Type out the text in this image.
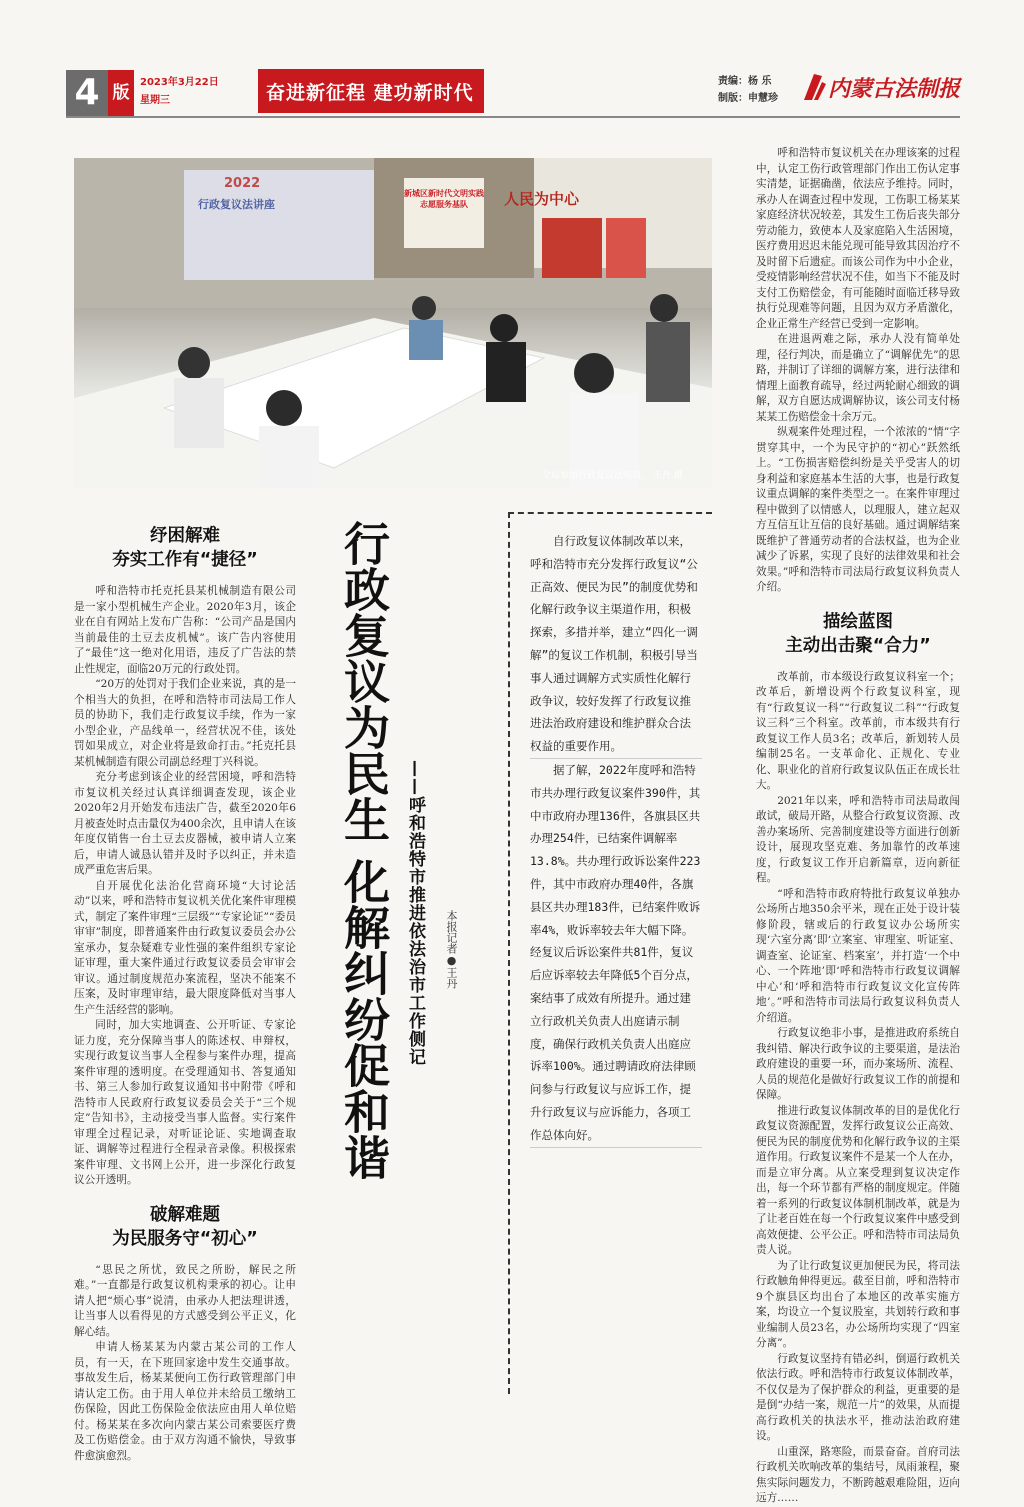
4 版
2023年3月22日
星期三	奋进新征程 建功新时代
责编：杨 乐
制版：申慧珍 内蒙古法制报
2022
行政复议法讲座
新城区新时代文明实践
志愿服务基队	人民为中心
全局参加行政复议法培训。 王丹 摄
纾困解难
夯实工作有“捷径”

呼和浩特市托克托县某机械制造有限公司是一家小型机械生产企业。2020年3月，该企业在自有网站上发布广告称：“公司产品是国内当前最佳的土豆去皮机械”。该广告内容使用了“最佳”这一绝对化用语，违反了广告法的禁止性规定，面临20万元的行政处罚。

“20万的处罚对于我们企业来说，真的是一个相当大的负担，在呼和浩特市司法局工作人员的协助下，我们走行政复议手续，作为一家小型企业，产品线单一，经营状况不佳，该处罚如果成立，对企业将是致命打击。”托克托县某机械制造有限公司副总经理丁兴科说。

充分考虑到该企业的经营困境，呼和浩特市复议机关经过认真详细调查发现，该企业2020年2月开始发布违法广告，截至2020年6月被查处时点击量仅为400余次，且申请人在该年度仅销售一台土豆去皮器械，被申请人立案后，申请人诚恳认错并及时予以纠正，并未造成严重危害后果。

自开展优化法治化营商环境“大讨论活动”以来，呼和浩特市复议机关优化案件审理模式，制定了案件审理“三层级”“专家论证”“委员审审”制度，即普通案件由行政复议委员会办公室承办，复杂疑难专业性强的案件组织专家论证审理，重大案件通过行政复议委员会审审会审议。通过制度规范办案流程，坚决不能案不压案，及时审理审结，最大限度降低对当事人生产生活经营的影响。

同时，加大实地调查、公开听证、专家论证力度，充分保障当事人的陈述权、申辩权，实现行政复议当事人全程参与案件办理，提高案件审理的透明度。在受理通知书、答复通知书、第三人参加行政复议通知书中附带《呼和浩特市人民政府行政复议委员会关于“三个规定”告知书》，主动接受当事人监督。实行案件审理全过程记录，对听证论证、实地调查取证、调解等过程进行全程录音录像。积极探索案件审理、文书网上公开，进一步深化行政复议公开透明。

破解难题
为民服务守“初心”

“思民之所忧，致民之所盼，解民之所难。”一直都是行政复议机构秉承的初心。让申请人把“烦心事”说清，由承办人把法理讲透，让当事人以看得见的方式感受到公平正义，化解心结。

申请人杨某某为内蒙古某公司的工作人员，有一天，在下班回家途中发生交通事故。事故发生后，杨某某便向工伤行政管理部门申请认定工伤。由于用人单位并未给员工缴纳工伤保险，因此工伤保险金依法应由用人单位赔付。杨某某在多次向内蒙古某公司索要医疗费及工伤赔偿金。由于双方沟通不愉快，导致事件愈演愈烈。

行政复议为民生 化解纠纷促和谐 ——呼和浩特市推进依法治市工作侧记 本报记者●王丹

自行政复议体制改革以来，呼和浩特市充分发挥行政复议“公正高效、便民为民”的制度优势和化解行政争议主渠道作用，积极探索，多措并举，建立“四化一调解”的复议工作机制，积极引导当事人通过调解方式实质性化解行政争议，较好发挥了行政复议推进法治政府建设和维护群众合法权益的重要作用。

据了解，2022年度呼和浩特市共办理行政复议案件390件，其中市政府办理136件，各旗县区共办理254件，已结案件调解率13.8%。共办理行政诉讼案件223件，其中市政府办理40件，各旗县区共办理183件，已结案件败诉率4%，败诉率较去年大幅下降。经复议后诉讼案件共81件，复议后应诉率较去年降低5个百分点，案结事了成效有所提升。通过建立行政机关负责人出庭请示制度，确保行政机关负责人出庭应诉率100%。通过聘请政府法律顾问参与行政复议与应诉工作，提升行政复议与应诉能力，各项工作总体向好。

呼和浩特市复议机关在办理该案的过程中，认定工伤行政管理部门作出工伤认定事实清楚，证据确凿，依法应予维持。同时，承办人在调查过程中发现，工伤职工杨某某家庭经济状况较差，其发生工伤后丧失部分劳动能力，致使本人及家庭陷入生活困境，医疗费用迟迟未能兑现可能导致其因治疗不及时留下后遗症。而该公司作为中小企业，受疫情影响经营状况不佳，如当下不能及时支付工伤赔偿金，有可能随时面临迁移导致执行兑现难等问题，且因为双方矛盾激化，企业正常生产经营已受到一定影响。

在进退两难之际，承办人没有简单处理，径行判决，而是确立了“调解优先”的思路，并制订了详细的调解方案，进行法律和情理上面教育疏导，经过两轮耐心细致的调解，双方自愿达成调解协议，该公司支付杨某某工伤赔偿金十余万元。

纵观案件处理过程，一个浓浓的“情”字贯穿其中，一个为民守护的“初心”跃然纸上。“工伤损害赔偿纠纷是关乎受害人的切身利益和家庭基本生活的大事，也是行政复议重点调解的案件类型之一。在案件审理过程中做到了以情感人，以理服人，建立起双方互信互让互信的良好基础。通过调解结案既维护了普通劳动者的合法权益，也为企业减少了诉累，实现了良好的法律效果和社会效果。”呼和浩特市司法局行政复议科负责人介绍。

描绘蓝图
主动出击聚“合力”

改革前，市本级设行政复议科室一个；改革后，新增设两个行政复议科室，现有“行政复议一科”“行政复议二科”“行政复议三科”三个科室。改革前，市本级共有行政复议工作人员3名；改革后，新划转人员编制25名。一支革命化、正规化、专业化、职业化的首府行政复议队伍正在成长壮大。

2021年以来，呼和浩特市司法局敢闯敢试，破局开路，从整合行政复议资源、改善办案场所、完善制度建设等方面进行创新设计，展现攻坚克难、务加靠竹的改革速度，行政复议工作开启新篇章，迈向新征程。

“呼和浩特市政府特批行政复议单独办公场所占地350余平米，现在正处于设计装修阶段，辖或后的行政复议办公场所实现‘六室分离’即‘立案室、审理室、听证室、调查室、论证室、档案室’，并打造‘一个中心、一个阵地’即‘呼和浩特市行政复议调解中心’和‘呼和浩特市行政复议文化宣传阵地’。”呼和浩特市司法局行政复议科负责人介绍道。

行政复议绝非小事，是推进政府系统自我纠错、解决行政争议的主要渠道，是法治政府建设的重要一环，而办案场所、流程、人员的规范化是做好行政复议工作的前提和保障。

推进行政复议体制改革的目的是优化行政复议资源配置，发挥行政复议公正高效、便民为民的制度优势和化解行政争议的主渠道作用。行政复议案件不是某一个人在办，而是立审分离。从立案受理到复议决定作出，每一个环节都有严格的制度规定。伴随着一系列的行政复议体制机制改革，就是为了让老百姓在每一个行政复议案件中感受到高效便捷、公平公正。呼和浩特市司法局负责人说。

为了让行政复议更加便民为民，将司法行政触角伸得更远。截至目前，呼和浩特市9个旗县区均出台了本地区的改革实施方案，均设立一个复议股室，共划转行政和事业编制人员23名，办公场所均实现了“四室分离”。

行政复议坚持有错必纠，倒逼行政机关依法行政。呼和浩特市行政复议体制改革，不仅仅是为了保护群众的利益，更重要的是是倒“办结一案，规范一片”的效果，从而提高行政机关的执法水平，推动法治政府建设。

山重深，路寒险，而景奋奋。首府司法行政机关吹响改革的集结号，凤雨兼程，聚焦实际问题发力，不断跨越艰难险阻，迈向远方……
